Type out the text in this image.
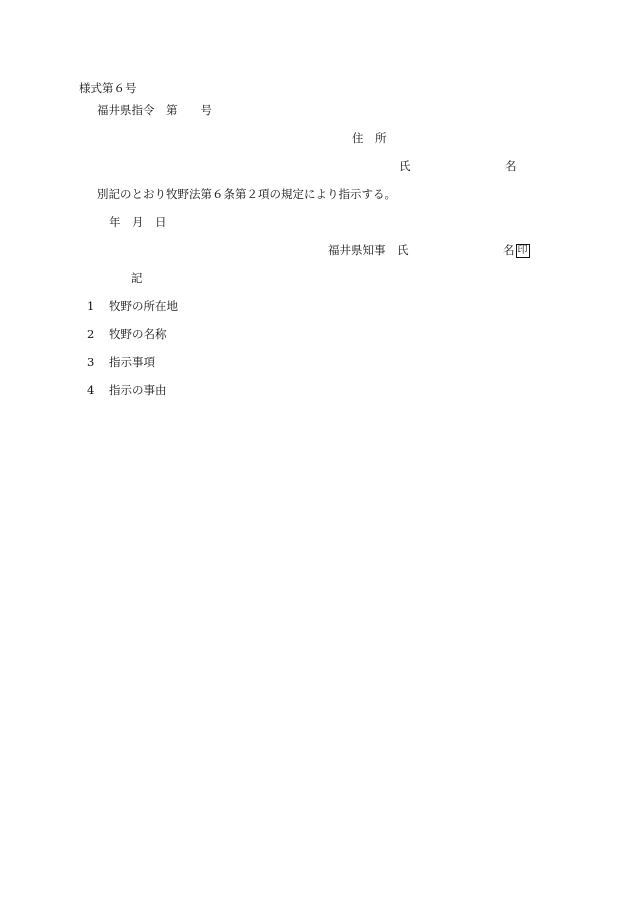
様式第６号
福井県指令　第　　号
住　所
氏	名
別記のとおり牧野法第６条第２項の規定により指示する。
年　月　日
福井県知事　氏	名 印
記
1 牧野の所在地
2 牧野の名称
3 指示事項
4 指示の事由
